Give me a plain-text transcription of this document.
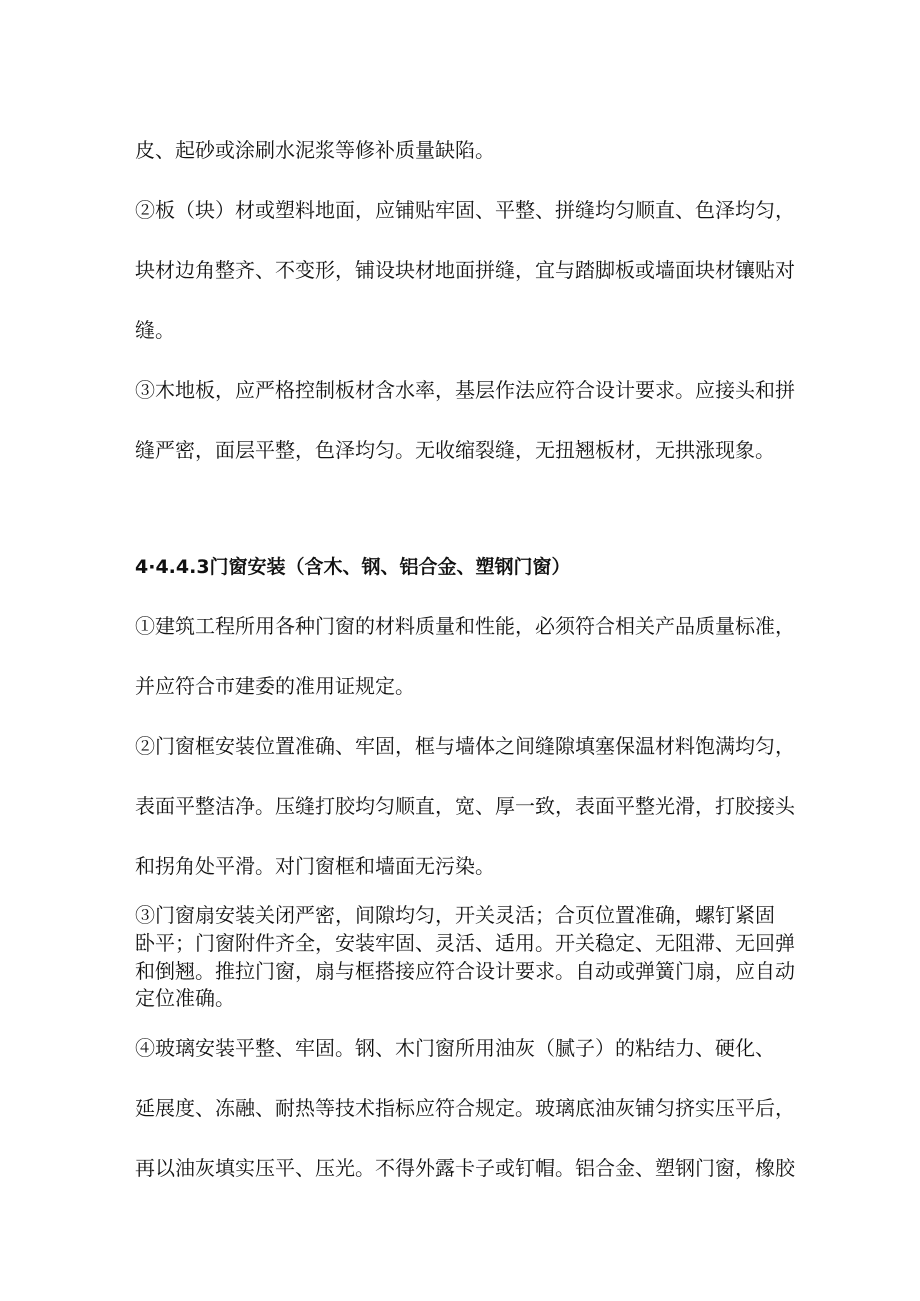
皮、起砂或涂刷水泥浆等修补质量缺陷。
②板（块）材或塑料地面，应铺贴牢固、平整、拼缝均匀顺直、色泽均匀，
块材边角整齐、不变形，铺设块材地面拼缝，宜与踏脚板或墙面块材镶贴对
缝。
③木地板，应严格控制板材含水率，基层作法应符合设计要求。应接头和拼
缝严密，面层平整，色泽均匀。无收缩裂缝，无扭翘板材，无拱涨现象。
4·4.4.3门窗安装（含木、钢、铝合金、塑钢门窗）
①建筑工程所用各种门窗的材料质量和性能，必须符合相关产品质量标准，
并应符合市建委的准用证规定。
②门窗框安装位置准确、牢固，框与墙体之间缝隙填塞保温材料饱满均匀，
表面平整洁净。压缝打胶均匀顺直，宽、厚一致，表面平整光滑，打胶接头
和拐角处平滑。对门窗框和墙面无污染。
③门窗扇安装关闭严密，间隙均匀，开关灵活；合页位置准确，螺钉紧固
卧平；门窗附件齐全，安装牢固、灵活、适用。开关稳定、无阻滞、无回弹
和倒翘。推拉门窗，扇与框搭接应符合设计要求。自动或弹簧门扇，应自动
定位准确。
④玻璃安装平整、牢固。钢、木门窗所用油灰（腻子）的粘结力、硬化、
延展度、冻融、耐热等技术指标应符合规定。玻璃底油灰铺匀挤实压平后，
再以油灰填实压平、压光。不得外露卡子或钉帽。铝合金、塑钢门窗，橡胶
